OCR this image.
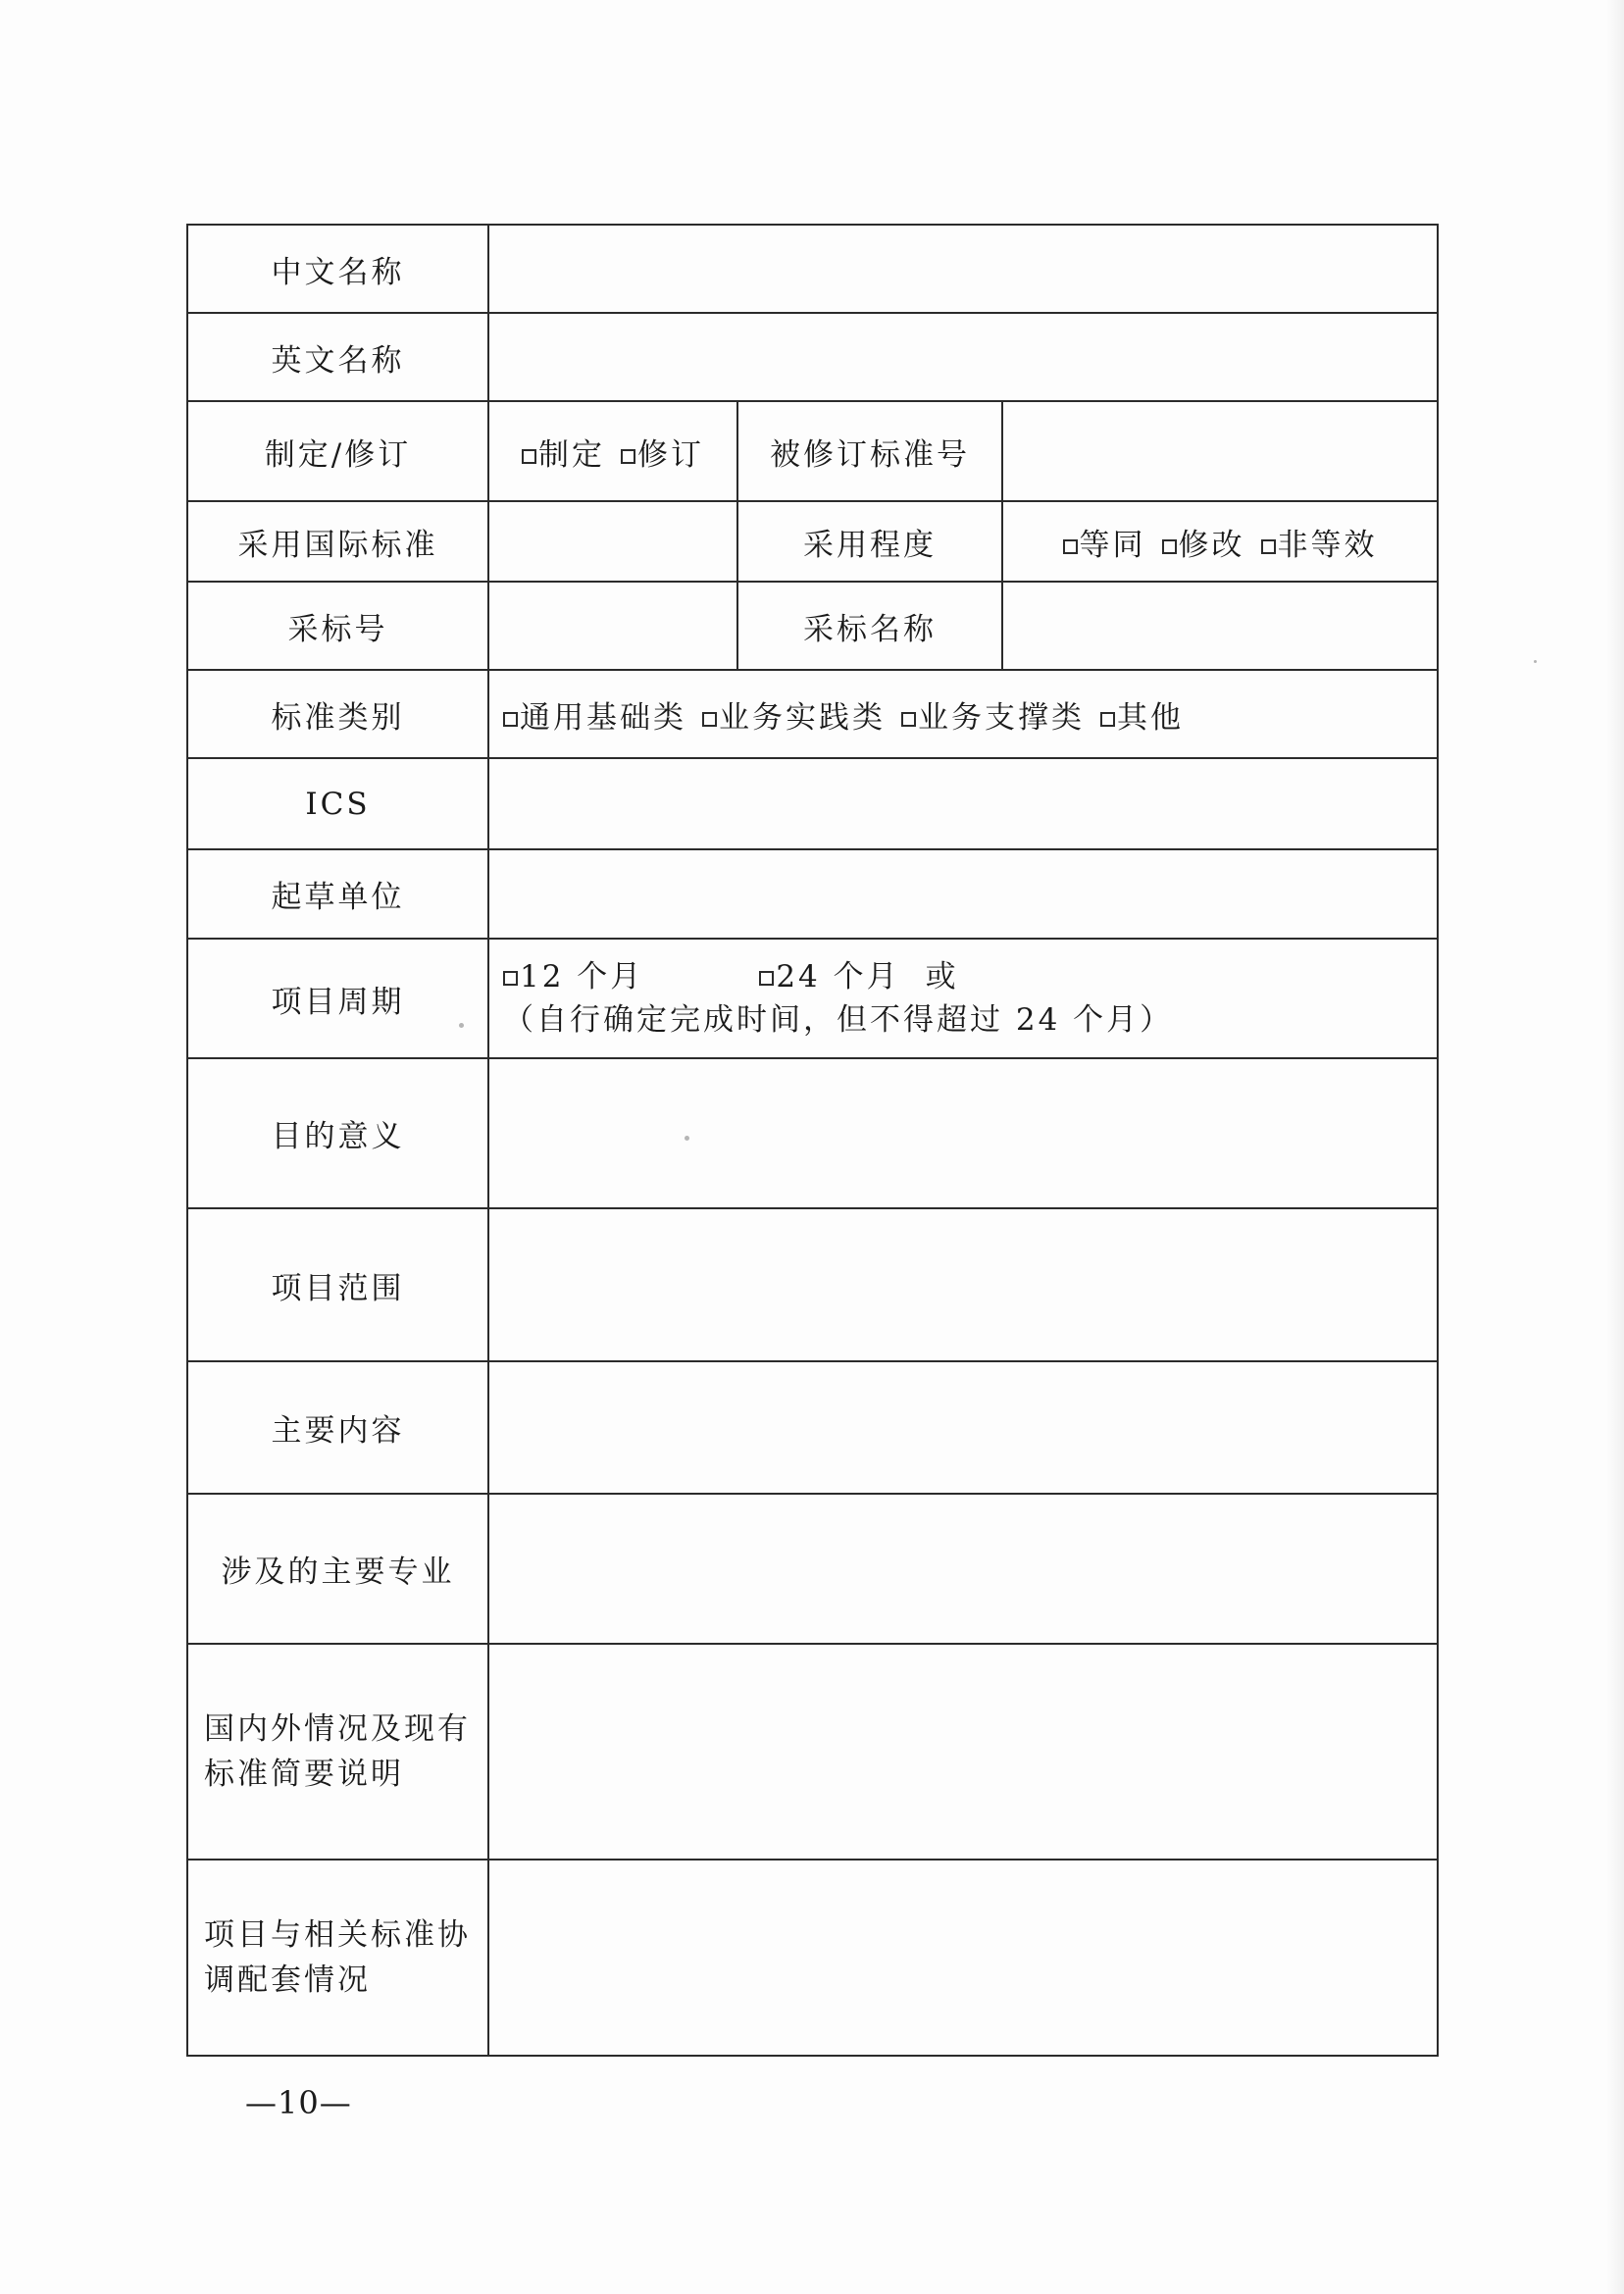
中文名称			
英文名称			
制定/修订	制定 修订	被修订标准号	
采用国际标准		采用程度	等同 修改 非等效
采标号		采标名称	
标准类别	通用基础类 业务实践类 业务支撑类 其他		
ICS			
起草单位			
项目周期	12 个月 24 个月 或
（自行确定完成时间，但不得超过 24 个月）		

目的意义			
项目范围			
主要内容			
涉及的主要专业			

国内外情况及现有
标准简要说明			

项目与相关标准协
调配套情况			

—10—
